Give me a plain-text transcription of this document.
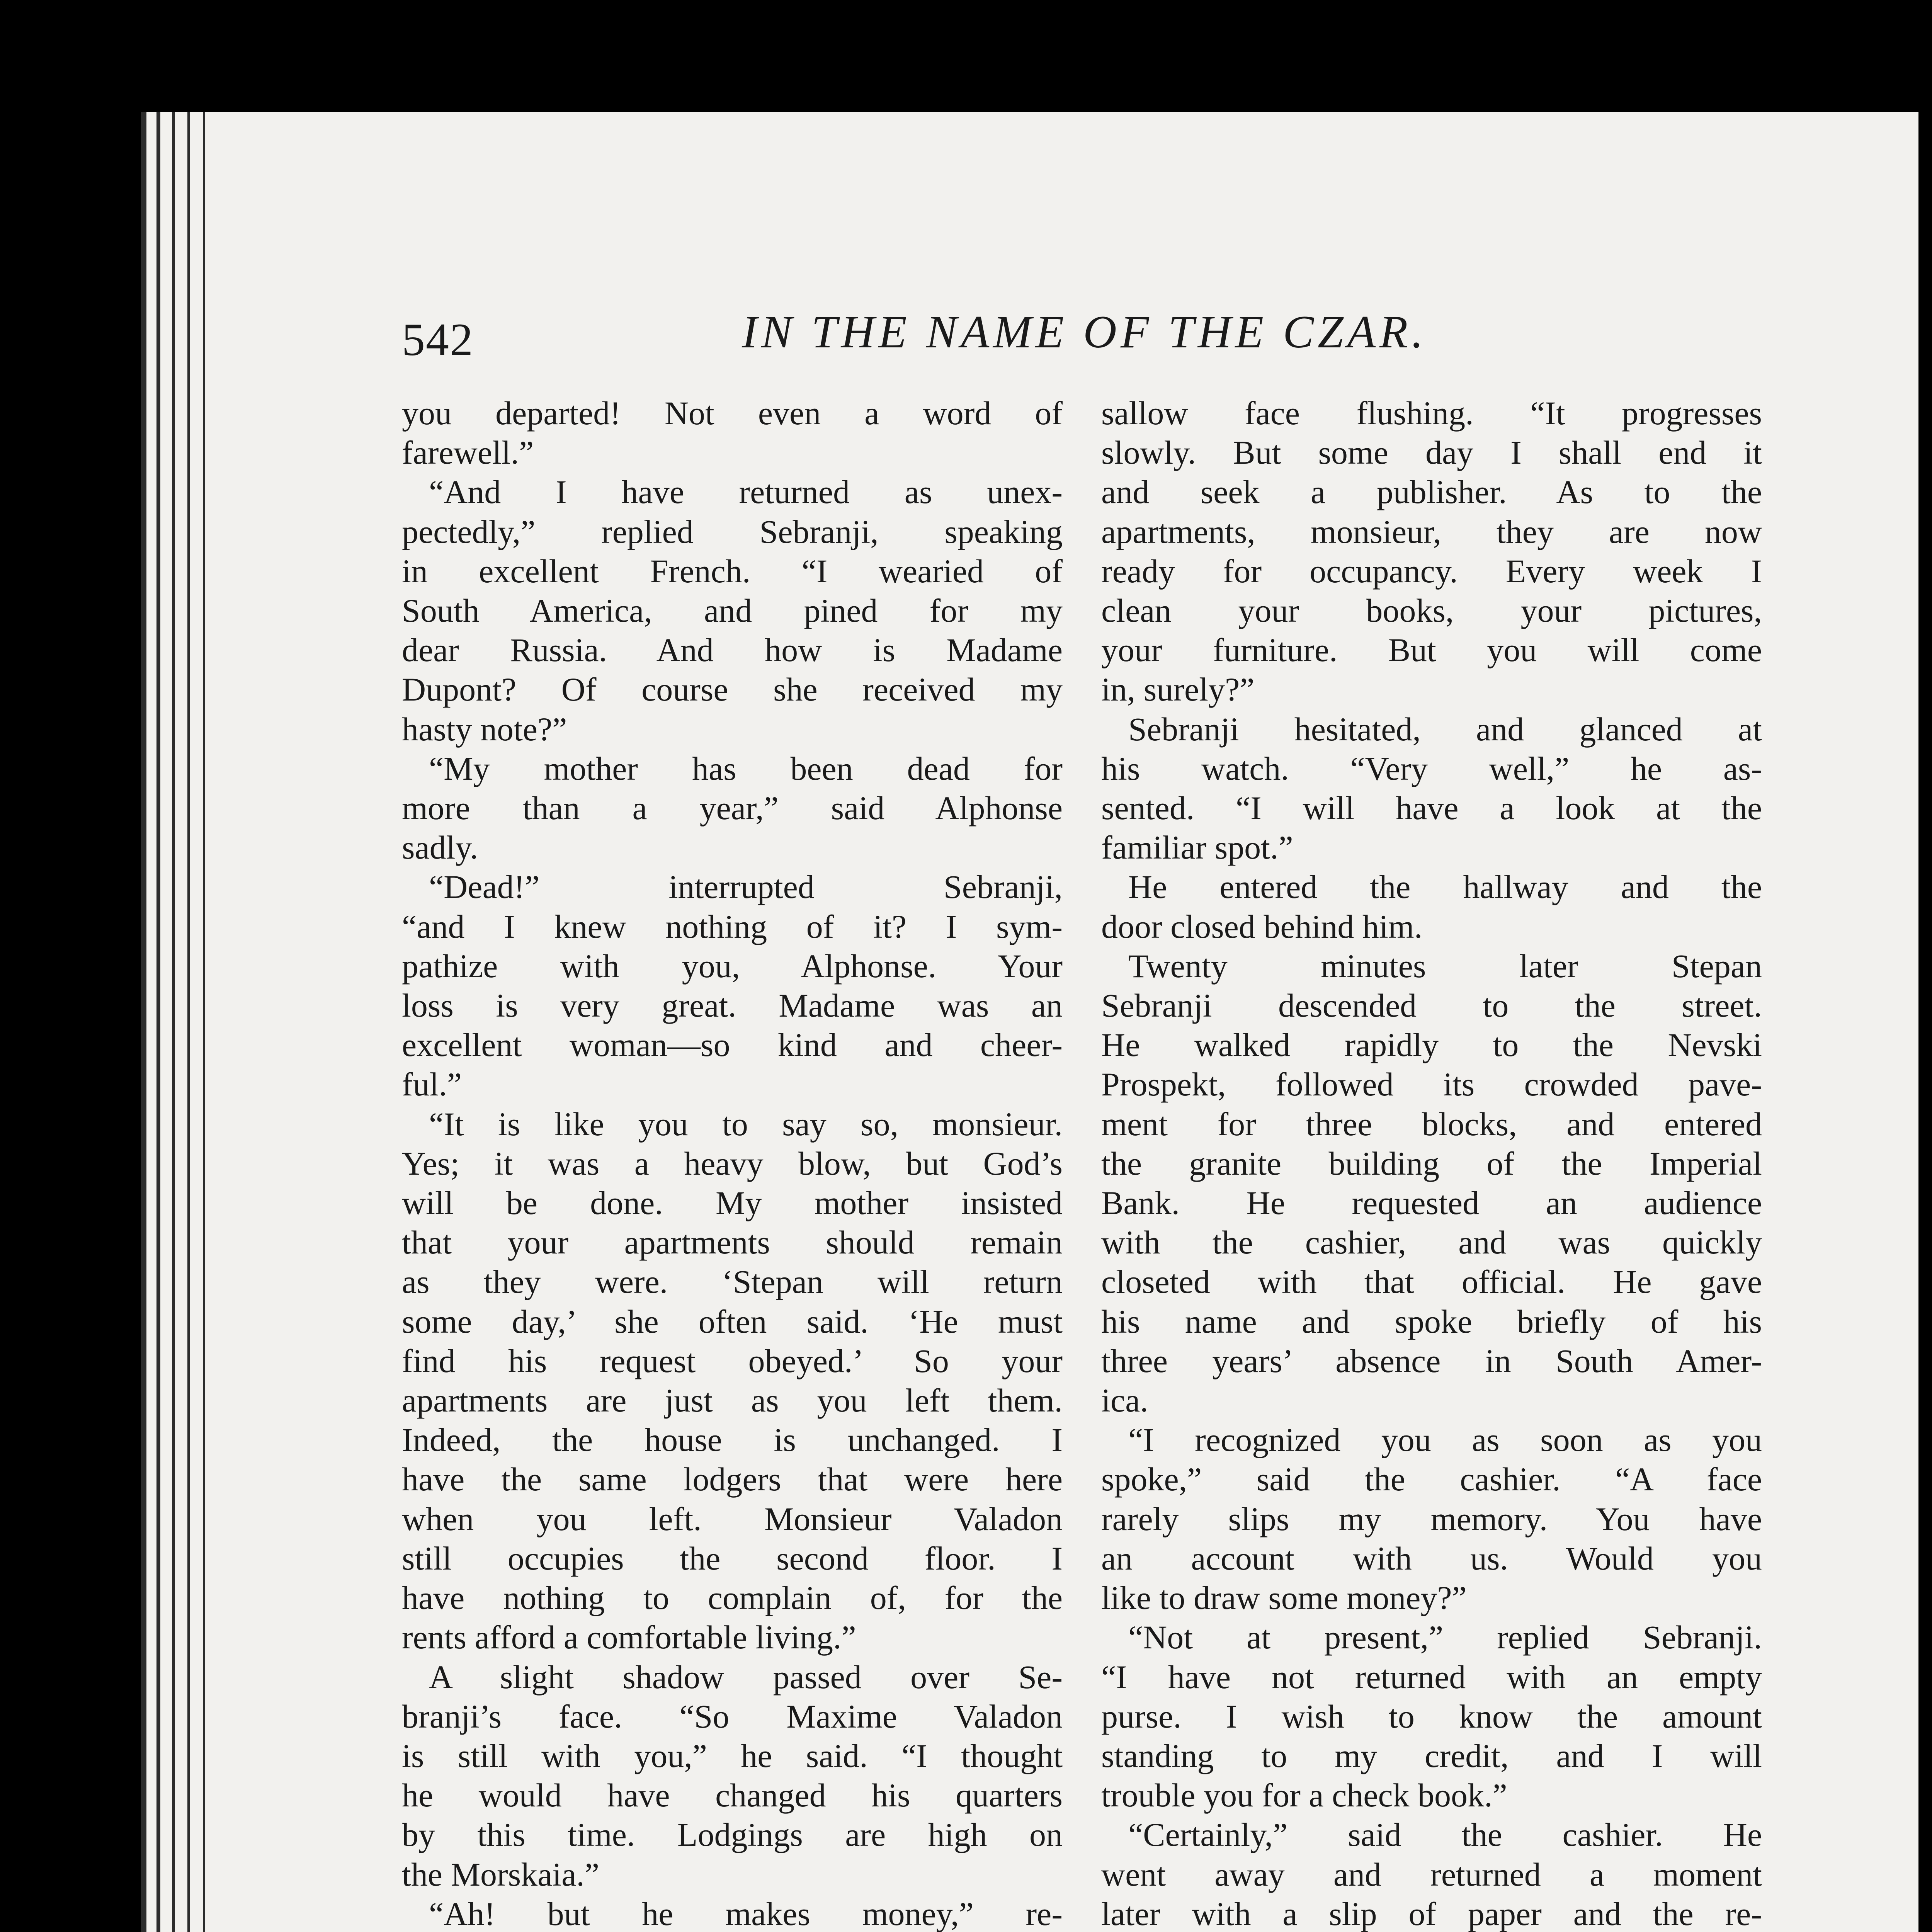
542	IN THE NAME OF THE CZAR.

you departed! Not even a word of

farewell.”

“And I have returned as unex-

pectedly,” replied Sebranji, speaking

in excellent French. “I wearied of

South America, and pined for my

dear Russia. And how is Madame

Dupont? Of course she received my

hasty note?”

“My mother has been dead for

more than a year,” said Alphonse

sadly.

“Dead!” interrupted Sebranji,

“and I knew nothing of it? I sym-

pathize with you, Alphonse. Your

loss is very great. Madame was an

excellent woman—so kind and cheer-

ful.”

“It is like you to say so, monsieur.

Yes; it was a heavy blow, but God’s

will be done. My mother insisted

that your apartments should remain

as they were. ‘Stepan will return

some day,’ she often said. ‘He must

find his request obeyed.’ So your

apartments are just as you left them.

Indeed, the house is unchanged. I

have the same lodgers that were here

when you left. Monsieur Valadon

still occupies the second floor. I

have nothing to complain of, for the

rents afford a comfortable living.”

A slight shadow passed over Se-

branji’s face. “So Maxime Valadon

is still with you,” he said. “I thought

he would have changed his quarters

by this time. Lodgings are high on

the Morskaia.”

“Ah! but he makes money,” re-

sallow face flushing. “It progresses

slowly. But some day I shall end it

and seek a publisher. As to the

apartments, monsieur, they are now

ready for occupancy. Every week I

clean your books, your pictures,

your furniture. But you will come

in, surely?”

Sebranji hesitated, and glanced at

his watch. “Very well,” he as-

sented. “I will have a look at the

familiar spot.”

He entered the hallway and the

door closed behind him.

Twenty minutes later Stepan

Sebranji descended to the street.

He walked rapidly to the Nevski

Prospekt, followed its crowded pave-

ment for three blocks, and entered

the granite building of the Imperial

Bank. He requested an audience

with the cashier, and was quickly

closeted with that official. He gave

his name and spoke briefly of his

three years’ absence in South Amer-

ica.

“I recognized you as soon as you

spoke,” said the cashier. “A face

rarely slips my memory. You have

an account with us. Would you

like to draw some money?”

“Not at present,” replied Sebranji.

“I have not returned with an empty

purse. I wish to know the amount

standing to my credit, and I will

trouble you for a check book.”

“Certainly,” said the cashier. He

went away and returned a moment

later with a slip of paper and the re-
